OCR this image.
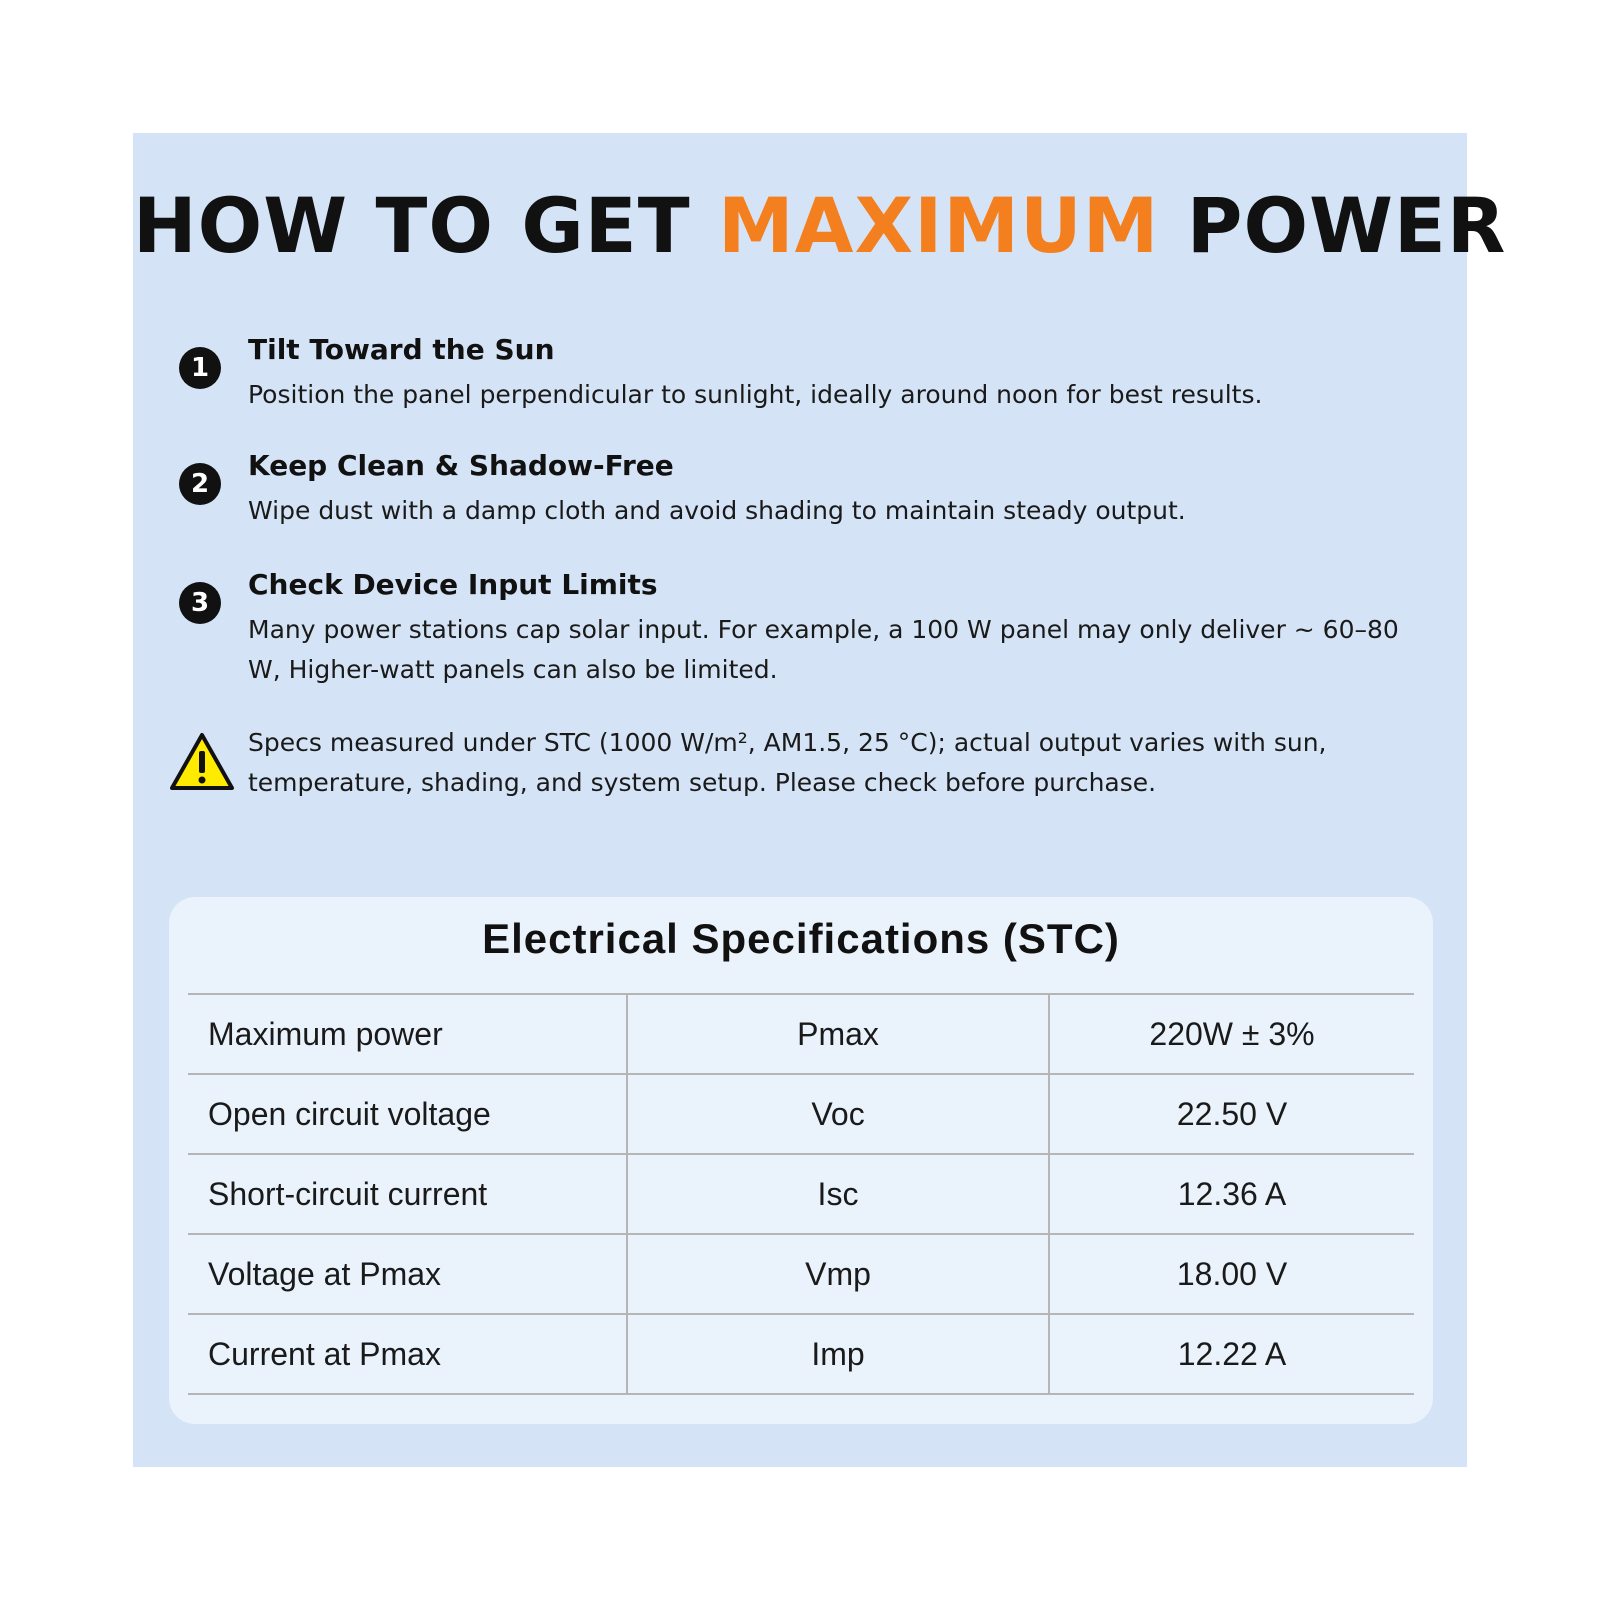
HOW TO GET MAXIMUM POWER
1
Tilt Toward the Sun
Position the panel perpendicular to sunlight, ideally around noon for best results.
2
Keep Clean & Shadow-Free
Wipe dust with a damp cloth and avoid shading to maintain steady output.
3
Check Device Input Limits
Many power stations cap solar input. For example, a 100 W panel may only deliver ~ 60–80 W, Higher-watt panels can also be limited.
Specs measured under STC (1000 W/m², AM1.5, 25 °C); actual output varies with sun, temperature, shading, and system setup. Please check before purchase.
Electrical Specifications (STC)
Maximum power	Pmax	220W ± 3%
Open circuit voltage	Voc	22.50 V
Short-circuit current	Isc	12.36 A
Voltage at Pmax	Vmp	18.00 V
Current at Pmax	Imp	12.22 A
